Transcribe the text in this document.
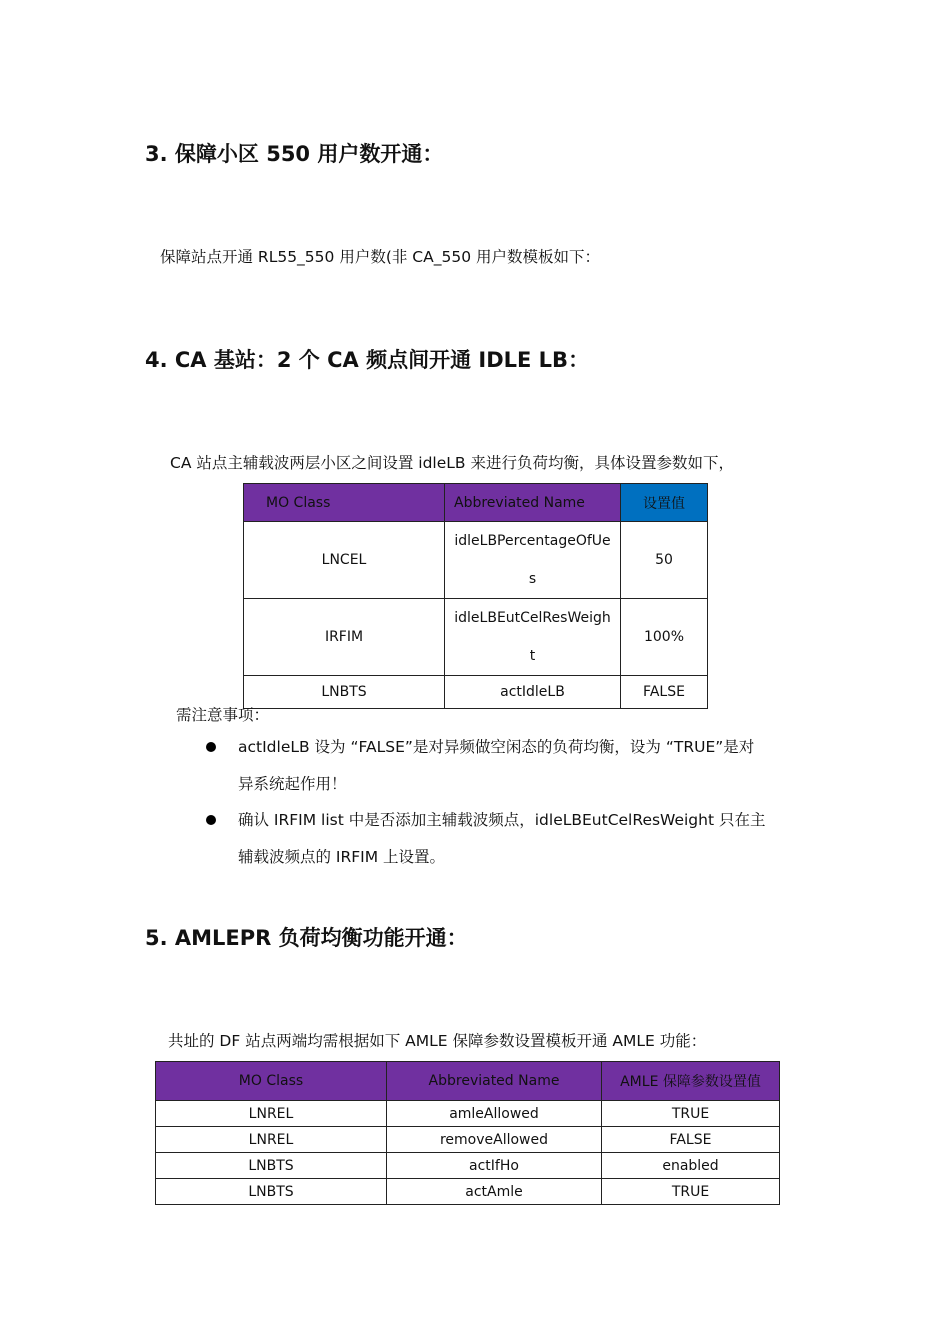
3. 保障小区 550 用户数开通：
保障站点开通 RL55_550 用户数(非 CA_550 用户数模板如下：
4. CA 基站：2 个 CA 频点间开通 IDLE LB：
CA 站点主辅载波两层小区之间设置 idleLB 来进行负荷均衡，具体设置参数如下，
MO Class	Abbreviated Name	设置值
LNCEL	idleLBPercentageOfUes	50
IRFIM	idleLBEutCelResWeight	100%
LNBTS	actIdleLB	FALSE
需注意事项：
actIdleLB 设为 “FALSE”是对异频做空闲态的负荷均衡，设为 “TRUE”是对
异系统起作用！
确认 IRFIM list 中是否添加主辅载波频点，idleLBEutCelResWeight 只在主
辅载波频点的 IRFIM 上设置。
5. AMLEPR 负荷均衡功能开通：
共址的 DF 站点两端均需根据如下 AMLE 保障参数设置模板开通 AMLE 功能：
MO Class	Abbreviated Name	AMLE 保障参数设置值
LNREL	amleAllowed	TRUE
LNREL	removeAllowed	FALSE
LNBTS	actIfHo	enabled
LNBTS	actAmle	TRUE
